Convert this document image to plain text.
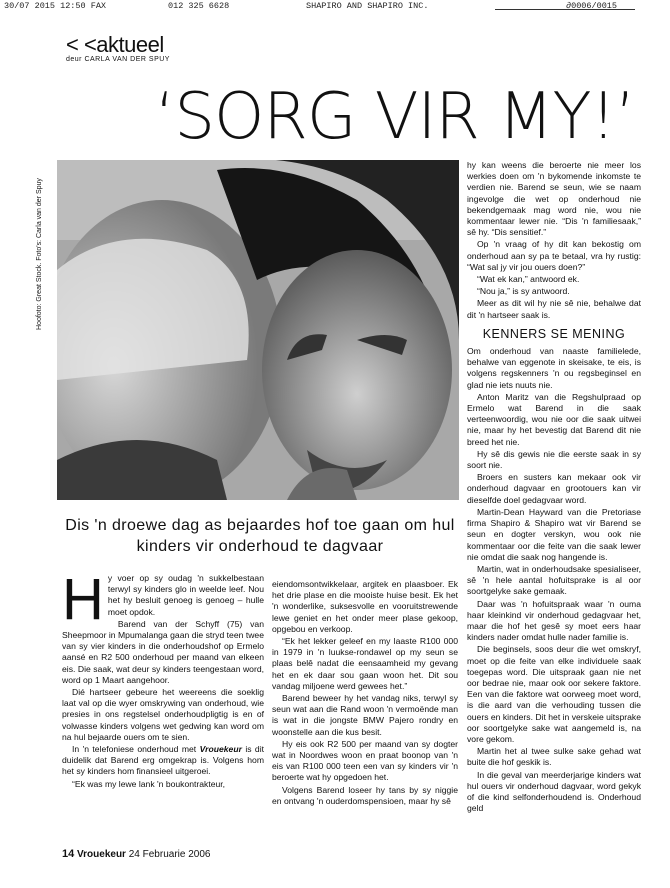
30/07 2015 12:50 FAX	012 325 6628	SHAPIRO AND SHAPIRO INC.	∂0006/0015
< <aktueel
deur CARLA VAN DER SPUY
‘SORG VIR MY!’
Hoofoto: Great Stock. Foto's: Carla van der Spuy
Dis 'n droewe dag as bejaardes hof toe gaan om hul kinders vir onderhoud te dagvaar

H y voer op sy oudag 'n sukkelbestaan terwyl sy kinders glo in weelde leef. Nou het hy besluit genoeg is genoeg – hulle moet opdok.

Barend van der Schyff (75) van Sheepmoor in Mpumalanga gaan die stryd teen twee van sy vier kinders in die onderhoudshof op Ermelo aansé en R2 500 onderhoud per maand van elkeen eis. Die saak, wat deur sy kinders teengestaan word, word op 1 Maart aangehoor.

Dié hartseer gebeure het weereens die soeklig laat val op die wyer omskrywing van onderhoud, wie presies in ons regstelsel onderhoudpligtig is en of volwasse kinders volgens wet gedwing kan word om na hul bejaarde ouers om te sien.

In 'n telefoniese onderhoud met Vrouekeur is dit duidelik dat Barend erg omgekrap is. Volgens hom het sy kinders hom finansieel uitgeroei.

“Ek was my lewe lank 'n boukontrakteur,

eiendomsontwikkelaar, argitek en plaasboer. Ek het drie plase en die mooiste huise besit. Ek het 'n wonderlike, suksesvolle en vooruitstrewende lewe geniet en het onder meer plase gekoop, opgebou en verkoop.

“Ek het lekker geleef en my laaste R100 000 in 1979 in 'n luukse-rondawel op my seun se plaas belê nadat die eensaamheid my gevang het en ek daar sou gaan woon het. Dit sou vandag miljoene werd gewees het.”

Barend beweer hy het vandag niks, terwyl sy seun wat aan die Rand woon 'n vermoënde man is wat in die jongste BMW Pajero rondry en woonstelle aan die kus besit.

Hy eis ook R2 500 per maand van sy dogter wat in Noordwes woon en praat boonop van 'n eis van R100 000 teen een van sy kinders vir 'n beroerte wat hy opgedoen het.

Volgens Barend loseer hy tans by sy niggie en ontvang 'n ouderdomspensioen, maar hy sê

hy kan weens die beroerte nie meer los werkies doen om 'n bykomende inkomste te verdien nie. Barend se seun, wie se naam ingevolge die wet op onderhoud nie bekendgemaak mag word nie, wou nie kommentaar lewer nie. “Dis 'n familiesaak,” sê hy. “Dis sensitief.”

Op 'n vraag of hy dit kan bekostig om onderhoud aan sy pa te betaal, vra hy rustig: “Wat sal jy vir jou ouers doen?”

“Wat ek kan,” antwoord ek.

“Nou ja,” is sy antwoord.

Meer as dit wil hy nie sê nie, behalwe dat dit 'n hartseer saak is.

KENNERS SE MENING

Om onderhoud van naaste familielede, behalwe van eggenote in skeisake, te eis, is volgens regskenners 'n ou regsbeginsel en glad nie iets nuuts nie.

Anton Maritz van die Regshulpraad op Ermelo wat Barend in die saak verteenwoordig, wou nie oor die saak uitwei nie, maar hy het bevestig dat Barend dit nie breed het nie.

Hy sê dis gewis nie die eerste saak in sy soort nie.

Broers en susters kan mekaar ook vir onderhoud dagvaar en grootouers kan vir dieselfde doel gedagvaar word.

Martin-Dean Hayward van die Pretoriase firma Shapiro & Shapiro wat vir Barend se seun en dogter verskyn, wou ook nie kommentaar oor die feite van die saak lewer nie omdat die saak nog hangende is.

Martin, wat in onderhoudsake spesialiseer, sê 'n hele aantal hofuitsprake is al oor soortgelyke sake gemaak.

Daar was 'n hofuitspraak waar 'n ouma haar kleinkind vir onderhoud gedagvaar het, maar die hof het gesê sy moet eers haar kinders nader omdat hulle nader familie is.

Die beginsels, soos deur die wet omskryf, moet op die feite van elke individuele saak toegepas word. Die uitspraak gaan nie net oor bedrae nie, maar ook oor sekere faktore. Een van die faktore wat oorweeg moet word, is die aard van die verhouding tussen die ouers en kinders. Dit het in verskeie uitsprake oor soortgelyke sake wat aangemeld is, na vore gekom.

Martin het al twee sulke sake gehad wat buite die hof geskik is.

In die geval van meerderjarige kinders wat hul ouers vir onderhoud dagvaar, word gekyk of die kind selfonderhoudend is. Onderhoud geld

14 Vrouekeur 24 Februarie 2006
